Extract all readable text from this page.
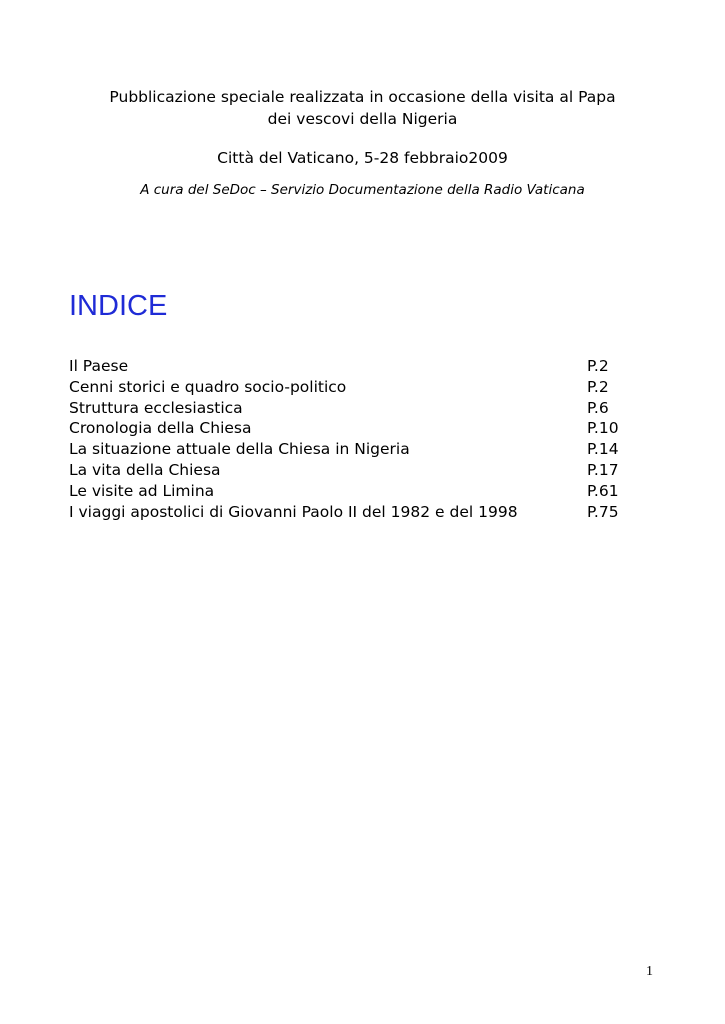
Pubblicazione speciale realizzata in occasione della visita al Papa

dei vescovi della Nigeria

Città del Vaticano, 5-28 febbraio2009

A cura del SeDoc – Servizio Documentazione della Radio Vaticana

INDICE
Il Paese	P.2
Cenni storici e quadro socio-politico	P.2
Struttura ecclesiastica	P.6
Cronologia della Chiesa	P.10
La situazione attuale della Chiesa in Nigeria	P.14
La vita della Chiesa	P.17
Le visite ad Limina	P.61
I viaggi apostolici di Giovanni Paolo II del 1982 e del 1998	P.75
1
